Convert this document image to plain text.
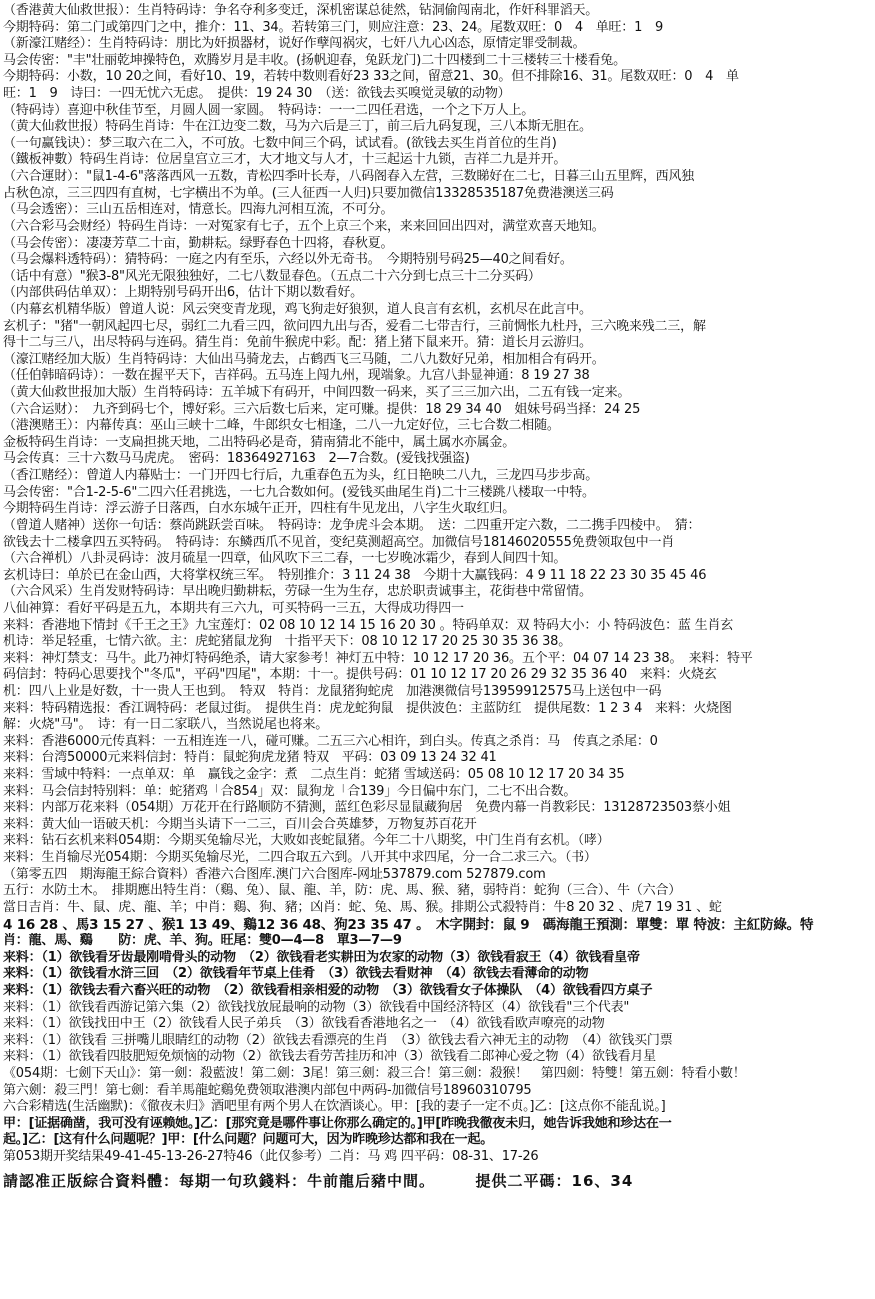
（香港黄大仙救世报）：生肖特码诗：争名夺利多变迁，深机密谋总徒然，钻洞偷闯南北，作奸科罪滔天。
今期特码：第二门或第四门之中，推介：11、34。若转第三门，则应注意：23、24。尾数双旺：0　4　单旺：1　9
（新濠江赌经）：生肖特码诗：朋比为奸损器材，说好作孽闯祸灾，七奸八九心凶态，原情定罪受制裁。
马会传密："丰"壮丽乾坤操特色，欢腾岁月是丰收。(扬帆迎春，兔跃龙门)二十四楼到二十三楼转三十楼看兔。
今期特码：小数，10 20之间，看好10、19，若转中数则看好23 33之间，留意21、30。但不排除16、31。尾数双旺：0　4　单
旺：1　9　诗曰：一四无忧六无虑。　提供：19 24 30　（送：欲钱去买嗅觉灵敏的动物）
（特码诗）喜迎中秋佳节至，月圆人圆一家圆。　特码诗：一一二四任君选，一个之下万人上。
（黄大仙救世报）特码生肖诗：牛在江边变二数，马为六后是三丁，前三后九码复现，三八本斯无胆在。
（一句赢钱诀）：梦三取六在二入，不可放。七数中间三个码，试试看。(欲钱去买生肖首位的生肖)
（鐵板神數）特码生肖诗：位居皇宫立三才，大才地文与人才，十三起运十九锁，吉祥二九是并开。
（六合運財）："鼠1-4-6"落落西风一五数，青松四季叶长寿，八码阁春入左营，三数睇好在二七，日暮三山五里辉，西风独
占秋色凉，三三四四有直树，七字横出不为单。(三人征西一人归)只要加微信13328535187免费港澳送三码
（马会透密）：三山五岳相连对，情意长。四海九河相互流，不可分。
（六合彩马会财经）特码生肖诗：一对冤家有七子，五个上京三个来，来来回回出四对，满堂欢喜天地知。
（马会传密）：凄凄芳草二十亩，勤耕耘。绿野春色十四将，春秋夏。
（马会爆料透特码）：猜特码：一庭之内有至乐，六经以外无奇书。　今期特别号码25—40之间看好。
（话中有意）"猴3-8"风光无限独独好，二七八数显春色。（五点二十六分到七点三十二分买码）
（内部供码估单双）：上期特别号码开出6，估计下期以数看好。
（内幕玄机精华版）曾道人说：风云突变青龙现，鸡飞狗走好狼狈，道人良言有玄机，玄机尽在此言中。
玄机子："猪"一朝风起四七尽，弱红二九看三四，欲问四九出与否，爱看二七带吉行，三前惆怅九杜丹，三六晚来残二三，解
得十二与三八，出尽特码与连码。猜生肖：免前牛猴虎中彩。配：猪上猪下鼠来开。猜：道长月云游归。
（濠江赌经加大版）生肖特码诗：大仙出马骑龙去，占鹤西飞三马随，二八九数好兄弟，相加相合有码开。
（任伯韩暗码诗）：一数在握平天下，吉祥码。五马连上闯九州，现端象。九宫八卦显神通：8 19 27 38
（黄大仙救世报加大版）生肖特码诗：五羊城下有码开，中间四数一码来，买了三三加六出，二五有钱一定来。
（六合运财）：　九齐到码七个，博好彩。三六后数七后来，定可赚。提供：18 29 34 40　姐妹号码当择：24 25
（港澳赌王）：内幕传真：巫山三峡十二峰，牛郎织女七相逢，二八一九定好位，三七合数二相随。
金板特码生肖诗：一支扁担挑天地，二出特码必是奇，猜南猜北不能中，属土属水亦属金。
马会传真：三十六数马马虎虎。　密码：18364927163　2—7合数。(爱钱找强盗)
（香江赌经）：曾道人内幕贴士：一门开四七行后，九重春色五为头，红日艳映二八九，三龙四马步步高。
马会传密："合1-2-5-6"二四六任君挑选，一七九合数如何。(爱钱买曲尾生肖)二十三楼跳八楼取一中特。
今期特码生肖诗：浮云游子日落西，白水东城午正开，四柱有牛见龙出，八字生火取红归。
（曾道人赌神）送你一句话：蔡尚跳跃尝百味。　特码诗：龙争虎斗会本期。　送：二四重开定六数，二二携手四棱中。　猜：
欲钱去十二楼拿四五买特码。　特码诗：东鳞西爪不见首，变纪莫测超高空。加微信号18146020555免费领取包中一肖
（六合禅机）八卦灵码诗：波月硫星一四章，仙风吹下三二春，一七岁晚冰霜少，春到人间四十知。
玄机诗曰：单於已在金山西，大将掌权统三军。　特别推介：3 11 24 38　今期十大赢钱码：4 9 11 18 22 23 30 35 45 46
（六合风采）生肖发财特码诗：早出晚归勤耕耘，劳碌一生为生存，忠於职责诚事主，花街巷中常留情。
八仙神算：看好平码是五九，本期共有三六九，可买特码一三五，大得成功得四一
来料：香港地下情封《千王之王》九宝莲灯：02 08 10 12 14 15 16 20 30 。特码单双：双 特码大小：小 特码波色：蓝 生肖玄
机诗：举足轻重，七情六欲。主：虎蛇猪鼠龙狗　十指平天下：08 10 12 17 20 25 30 35 36 38。
来料：神灯禁支：马牛。此乃神灯特码绝杀，请大家参考！神灯五中特：10 12 17 20 36。五个平：04 07 14 23 38。　来料：特平
码信封：特码心思要找个"冬瓜"，平码"四尾"，本期：十一。提供号码：01 10 12 17 20 26 29 32 35 36 40　来料：火烧玄
机：四八上业是好数，十一贵人王也到。　特双　特肖：龙鼠猪狗蛇虎　加港澳微信号13959912575马上送包中一码
来料：特码精选报：香江调特码：老鼠过街。　提供生肖：虎龙蛇狗鼠　提供波色：主蓝防红　提供尾数：1 2 3 4　来料：火烧图
解：火烧"马"。　诗：有一日二家联八，当然说尾也将来。
来料：香港6000元传真料：一五相连连一八，碰可赚。二五三六心相许，到白头。传真之杀肖：马　传真之杀尾：0
来料：台湾50000元来料信封：特肖：鼠蛇狗虎龙猪 特双　平码：03 09 13 24 32 41
来料：雪域中特料：一点单双：单　赢钱之金字：煮　二点生肖：蛇猪 雪域送码：05 08 10 12 17 20 34 35
来料：马会信封特别料：单：蛇猪鸡「合854」双：鼠狗龙「合139」今日偏中东门，二七不出合数。
来料：内部万花来料（054期）万花开在行路顺防不猜测，蓝红色彩尽显鼠藏狗居　免费内幕一肖教彩民：13128723503蔡小姐
来料：黄大仙一语破天机：今期当头请下一二三，百川会合英雄梦，万物复苏百花开
来料：钻石玄机来料054期：今期买兔输尽光，大败如丧蛇鼠猪。今年二十八期奖，中门生肖有玄机。（哮）
来料：生肖输尽光054期：今期买兔输尽光，二四合取五六到。八开其中求四尾，分一合二求三六。（书）
（第零五四　期海龍王綜合資料）香港六合图库.澳门六合图库-网址537879.com 527879.com
五行：水防土木。　排期應出特生肖：（鷄、兔）、鼠、龍、羊，防：虎、馬、猴、豬，弱特肖：蛇狗（三合）、牛（六合）
當日吉肖：牛、鼠、虎、龍、羊；中肖：鷄、狗、豬；凶肖：蛇、兔、馬、猴。排期公式殺特肖：牛8 20 32 、虎7 19 31 、蛇
4 16 28 、馬3 15 27 、猴1 13 49、鷄12 36 48、狗23 35 47 。　木字開封：鼠 9　碼海龍王預測：單雙：單 特波：主紅防綠。特
肖：龍、馬、鷄　　防：虎、羊、狗。旺尾：雙0—4—8　單3—7—9
来料：（1）欲钱看牙齿最刚啃骨头的动物　（2）欲钱看老实耕田为农家的动物（3）欲钱看寂王（4）欲钱看皇帝
来料：（1）欲钱看水浒三回　（2）欲钱看年节桌上佳肴　（3）欲钱去看财神　（4）欲钱去看薄命的动物
来料：（1）欲钱去看六畜兴旺的动物　（2）欲钱看相亲相爱的动物　（3）欲钱看女子体操队　（4）欲钱看四方桌子
来料：（1）欲钱看西游记第六集（2）欲钱找放屁最响的动物（3）欲钱看中国经济特区（4）欲钱看"三个代表"
来料：（1）欲钱找田中王（2）欲钱看人民子弟兵　（3）欲钱看香港地名之一　（4）欲钱看欧声嘹亮的动物
来料：（1）欲钱看 三拼嘴儿眼睛红的动物（2）欲钱去看漂亮的生肖　（3）欲钱去看六神无主的动物　（4）欲钱买门票
来料：（1）欲钱看四肢肥短免烦恼的动物（2）欲钱去看劳苦挂历和冲（3）欲钱看二郎神心爱之物（4）欲钱看月星
《054期：七劍下天山》：第一劍：殺藍波！第二劍：3尾！第三劍：殺三合！第三劍：殺猴！　第四劍：特雙！第五劍：特看小數！
第六劍：殺三門！第七劍：看羊馬龍蛇鷄免费领取港澳内部包中两码-加微信号18960310795
六合彩精选(生活幽默)：《徹夜未归》酒吧里有两个男人在饮酒谈心。甲：[我的妻子一定不贞。]乙：[这点你不能乱说。]
甲：[证据确凿，我可没有诬赖她。]乙：[那究竟是哪件事让你那么确定的。]甲[昨晚我徹夜未归，她告诉我她和珍达在一
起。]乙：[这有什么问题呢？]甲：[什么问题？问题可大，因为昨晚珍达都和我在一起。
第053期开奖结果49-41-45-13-26-27特46（此仅参考）二肖：马 鸡 四平码：08-31、17-26
請認准正版綜合資料體：每期一句玖錢料：牛前龍后豬中間。　　　提供二平碼：16、34
